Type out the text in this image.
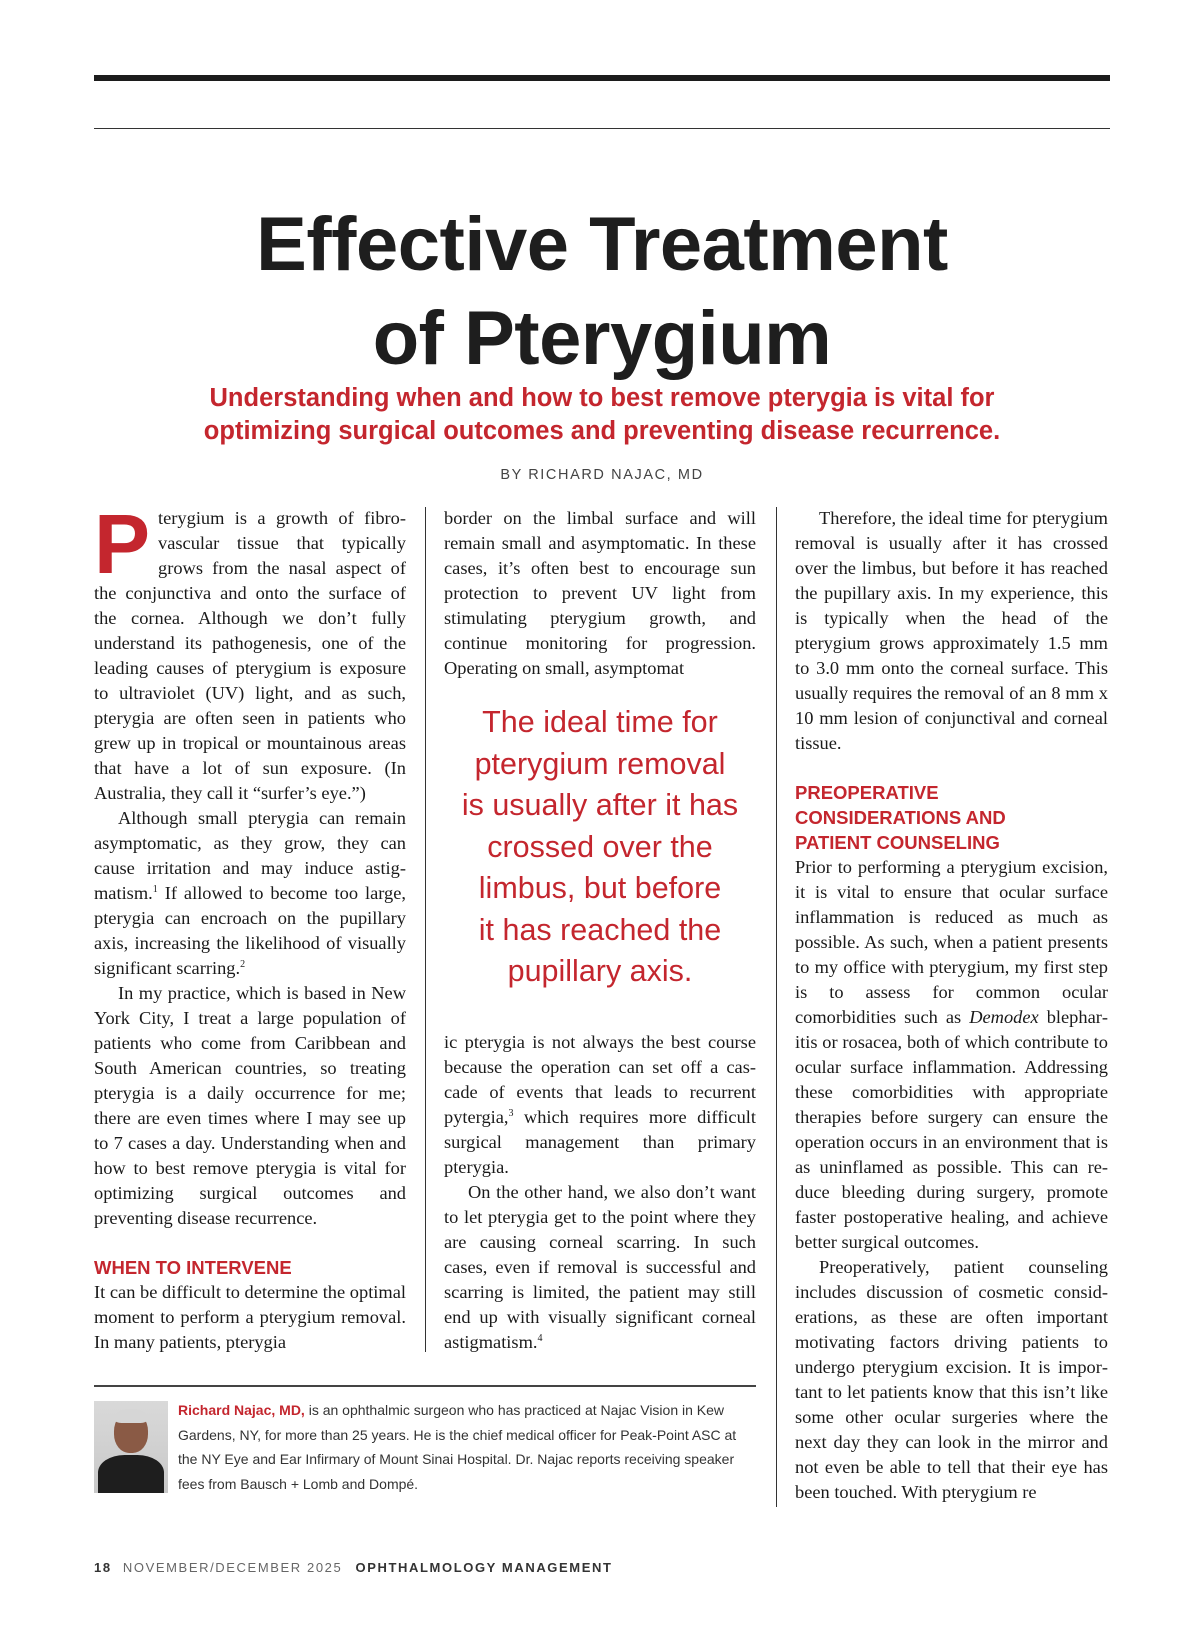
Effective Treatment
of Pterygium
Understanding when and how to best remove pterygia is vital for
optimizing surgical outcomes and preventing disease recurrence.
BY RICHARD NAJAC, MD

Pterygium is a growth of fibrovascular tissue that typically grows from the nasal aspect of the conjunctiva and onto the surface of the cornea. Although we don’t fully understand its pathogenesis, one of the leading causes of pterygium is exposure to ultraviolet (UV) light, and as such, pterygia are often seen in patients who grew up in tropical or mountainous areas that have a lot of sun exposure. (In Australia, they call it “surfer’s eye.”)

Although small pterygia can remain asymptomatic, as they grow, they can cause irritation and may induce astigmatism.$^1$ If allowed to become too large, pterygia can encroach on the pupillary axis, increasing the likelihood of visually significant scarring.$^2$

In my practice, which is based in New York City, I treat a large population of patients who come from Caribbean and South American countries, so treating pterygia is a daily occurrence for me; there are even times where I may see up to 7 cases a day. Understanding when and how to best remove pterygia is vital for optimizing surgical outcomes and preventing disease recurrence.

WHEN TO INTERVENE

It can be difficult to determine the optimal moment to perform a pterygium removal. In many patients, pterygia

border on the limbal surface and will remain small and asymptomatic. In these cases, it’s often best to encourage sun protection to prevent UV light from stimulating pterygium growth, and continue monitoring for progression. Operating on small, asymptomat

The ideal time for
pterygium removal
is usually after it has
crossed over the
limbus, but before
it has reached the
pupillary axis.

ic pterygia is not always the best course because the operation can set off a cascade of events that leads to recurrent pytergia,$^3$ which requires more difficult surgical management than primary pterygia.

On the other hand, we also don’t want to let pterygia get to the point where they are causing corneal scarring. In such cases, even if removal is successful and scarring is limited, the patient may still end up with visually significant corneal astigmatism.$^4$

Therefore, the ideal time for pterygium removal is usually after it has crossed over the limbus, but before it has reached the pupillary axis. In my experience, this is typically when the head of the pterygium grows approximately 1.5 mm to 3.0 mm onto the corneal surface. This usually requires the removal of an 8 mm x 10 mm lesion of conjunctival and corneal tissue.

PREOPERATIVE
CONSIDERATIONS AND
PATIENT COUNSELING

Prior to performing a pterygium excision, it is vital to ensure that ocular surface inflammation is reduced as much as possible. As such, when a patient presents to my office with pterygium, my first step is to assess for common ocular comorbidities such as Demodex blepharitis or rosacea, both of which contribute to ocular surface inflammation. Addressing these comorbidities with appropriate therapies before surgery can ensure the operation occurs in an environment that is as uninflamed as possible. This can reduce bleeding during surgery, promote faster postoperative healing, and achieve better surgical outcomes.

Preoperatively, patient counseling includes discussion of cosmetic considerations, as these are often important motivating factors driving patients to undergo pterygium excision. It is important to let patients know that this isn’t like some other ocular surgeries where the next day they can look in the mirror and not even be able to tell that their eye has been touched. With pterygium re

Richard Najac, MD, is an ophthalmic surgeon who has practiced at Najac Vision in Kew Gardens, NY, for more than 25 years. He is the chief medical officer for Peak-Point ASC at the NY Eye and Ear Infirmary of Mount Sinai Hospital. Dr. Najac reports receiving speaker fees from Bausch + Lomb and Dompé.

18 NOVEMBER/DECEMBER 2025 OPHTHALMOLOGY MANAGEMENT
